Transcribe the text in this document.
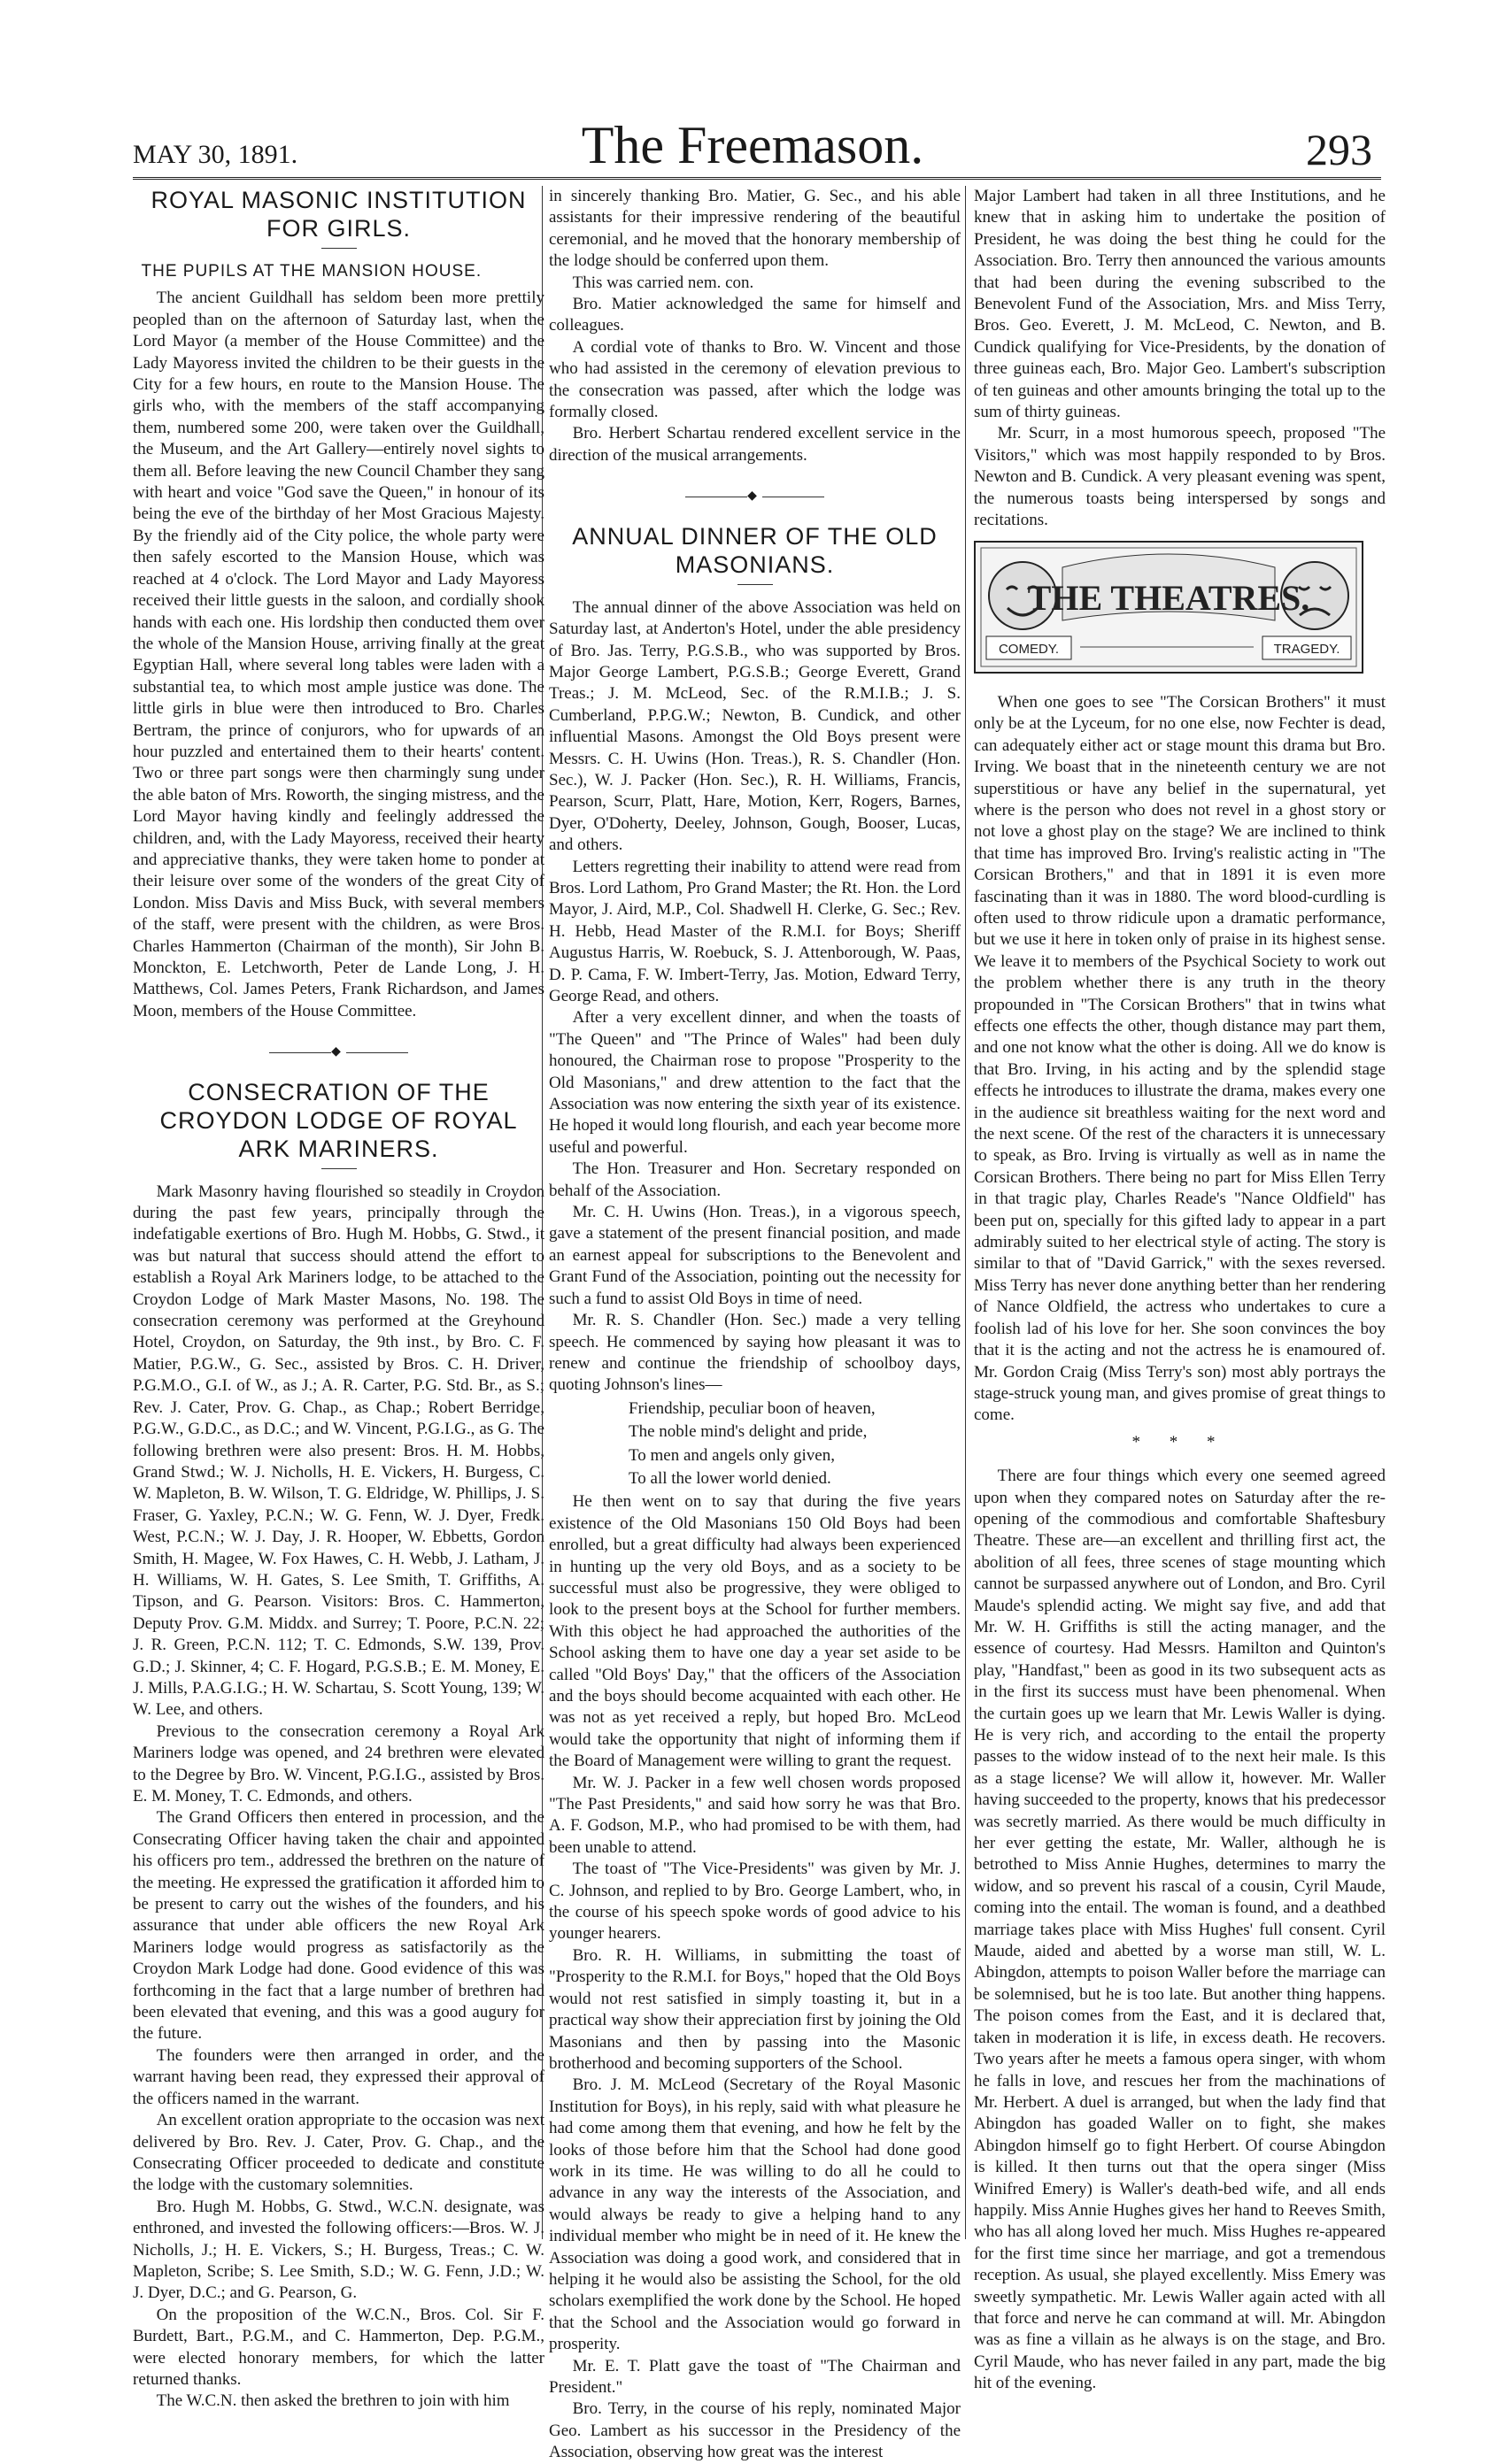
MAY 30, 1891.	The Freemason.	293

ROYAL MASONIC INSTITUTION FOR GIRLS.

THE PUPILS AT THE MANSION HOUSE.

The ancient Guildhall has seldom been more prettily peopled than on the afternoon of Saturday last, when the Lord Mayor (a member of the House Committee) and the Lady Mayoress invited the children to be their guests in the City for a few hours, en route to the Mansion House. The girls who, with the members of the staff accompanying them, numbered some 200, were taken over the Guildhall, the Museum, and the Art Gallery—entirely novel sights to them all. Before leaving the new Council Chamber they sang with heart and voice "God save the Queen," in honour of its being the eve of the birthday of her Most Gracious Majesty. By the friendly aid of the City police, the whole party were then safely escorted to the Mansion House, which was reached at 4 o'clock. The Lord Mayor and Lady Mayoress received their little guests in the saloon, and cordially shook hands with each one. His lordship then conducted them over the whole of the Mansion House, arriving finally at the great Egyptian Hall, where several long tables were laden with a substantial tea, to which most ample justice was done. The little girls in blue were then introduced to Bro. Charles Bertram, the prince of conjurors, who for upwards of an hour puzzled and entertained them to their hearts' content. Two or three part songs were then charmingly sung under the able baton of Mrs. Roworth, the singing mistress, and the Lord Mayor having kindly and feelingly addressed the children, and, with the Lady Mayoress, received their hearty and appreciative thanks, they were taken home to ponder at their leisure over some of the wonders of the great City of London. Miss Davis and Miss Buck, with several members of the staff, were present with the children, as were Bros. Charles Hammerton (Chairman of the month), Sir John B. Monckton, E. Letchworth, Peter de Lande Long, J. H. Matthews, Col. James Peters, Frank Richardson, and James Moon, members of the House Committee.

◆

CONSECRATION OF THE CROYDON LODGE OF ROYAL ARK MARINERS.

Mark Masonry having flourished so steadily in Croydon during the past few years, principally through the indefatigable exertions of Bro. Hugh M. Hobbs, G. Stwd., it was but natural that success should attend the effort to establish a Royal Ark Mariners lodge, to be attached to the Croydon Lodge of Mark Master Masons, No. 198. The consecration ceremony was performed at the Greyhound Hotel, Croydon, on Saturday, the 9th inst., by Bro. C. F. Matier, P.G.W., G. Sec., assisted by Bros. C. H. Driver, P.G.M.O., G.I. of W., as J.; A. R. Carter, P.G. Std. Br., as S.; Rev. J. Cater, Prov. G. Chap., as Chap.; Robert Berridge, P.G.W., G.D.C., as D.C.; and W. Vincent, P.G.I.G., as G. The following brethren were also present: Bros. H. M. Hobbs, Grand Stwd.; W. J. Nicholls, H. E. Vickers, H. Burgess, C. W. Mapleton, B. W. Wilson, T. G. Eldridge, W. Phillips, J. S. Fraser, G. Yaxley, P.C.N.; W. G. Fenn, W. J. Dyer, Fredk. West, P.C.N.; W. J. Day, J. R. Hooper, W. Ebbetts, Gordon Smith, H. Magee, W. Fox Hawes, C. H. Webb, J. Latham, J. H. Williams, W. H. Gates, S. Lee Smith, T. Griffiths, A. Tipson, and G. Pearson. Visitors: Bros. C. Hammerton, Deputy Prov. G.M. Middx. and Surrey; T. Poore, P.C.N. 22; J. R. Green, P.C.N. 112; T. C. Edmonds, S.W. 139, Prov. G.D.; J. Skinner, 4; C. F. Hogard, P.G.S.B.; E. M. Money, E. J. Mills, P.A.G.I.G.; H. W. Schartau, S. Scott Young, 139; W. W. Lee, and others.

Previous to the consecration ceremony a Royal Ark Mariners lodge was opened, and 24 brethren were elevated to the Degree by Bro. W. Vincent, P.G.I.G., assisted by Bros. E. M. Money, T. C. Edmonds, and others.

The Grand Officers then entered in procession, and the Consecrating Officer having taken the chair and appointed his officers pro tem., addressed the brethren on the nature of the meeting. He expressed the gratification it afforded him to be present to carry out the wishes of the founders, and his assurance that under able officers the new Royal Ark Mariners lodge would progress as satisfactorily as the Croydon Mark Lodge had done. Good evidence of this was forthcoming in the fact that a large number of brethren had been elevated that evening, and this was a good augury for the future.

The founders were then arranged in order, and the warrant having been read, they expressed their approval of the officers named in the warrant.

An excellent oration appropriate to the occasion was next delivered by Bro. Rev. J. Cater, Prov. G. Chap., and the Consecrating Officer proceeded to dedicate and constitute the lodge with the customary solemnities.

Bro. Hugh M. Hobbs, G. Stwd., W.C.N. designate, was enthroned, and invested the following officers:—Bros. W. J. Nicholls, J.; H. E. Vickers, S.; H. Burgess, Treas.; C. W. Mapleton, Scribe; S. Lee Smith, S.D.; W. G. Fenn, J.D.; W. J. Dyer, D.C.; and G. Pearson, G.

On the proposition of the W.C.N., Bros. Col. Sir F. Burdett, Bart., P.G.M., and C. Hammerton, Dep. P.G.M., were elected honorary members, for which the latter returned thanks.

The W.C.N. then asked the brethren to join with him

in sincerely thanking Bro. Matier, G. Sec., and his able assistants for their impressive rendering of the beautiful ceremonial, and he moved that the honorary membership of the lodge should be conferred upon them.

This was carried nem. con.

Bro. Matier acknowledged the same for himself and colleagues.

A cordial vote of thanks to Bro. W. Vincent and those who had assisted in the ceremony of elevation previous to the consecration was passed, after which the lodge was formally closed.

Bro. Herbert Schartau rendered excellent service in the direction of the musical arrangements.

◆

ANNUAL DINNER OF THE OLD MASONIANS.

The annual dinner of the above Association was held on Saturday last, at Anderton's Hotel, under the able presidency of Bro. Jas. Terry, P.G.S.B., who was supported by Bros. Major George Lambert, P.G.S.B.; George Everett, Grand Treas.; J. M. McLeod, Sec. of the R.M.I.B.; J. S. Cumberland, P.P.G.W.; Newton, B. Cundick, and other influential Masons. Amongst the Old Boys present were Messrs. C. H. Uwins (Hon. Treas.), R. S. Chandler (Hon. Sec.), W. J. Packer (Hon. Sec.), R. H. Williams, Francis, Pearson, Scurr, Platt, Hare, Motion, Kerr, Rogers, Barnes, Dyer, O'Doherty, Deeley, Johnson, Gough, Booser, Lucas, and others.

Letters regretting their inability to attend were read from Bros. Lord Lathom, Pro Grand Master; the Rt. Hon. the Lord Mayor, J. Aird, M.P., Col. Shadwell H. Clerke, G. Sec.; Rev. H. Hebb, Head Master of the R.M.I. for Boys; Sheriff Augustus Harris, W. Roebuck, S. J. Attenborough, W. Paas, D. P. Cama, F. W. Imbert-Terry, Jas. Motion, Edward Terry, George Read, and others.

After a very excellent dinner, and when the toasts of "The Queen" and "The Prince of Wales" had been duly honoured, the Chairman rose to propose "Prosperity to the Old Masonians," and drew attention to the fact that the Association was now entering the sixth year of its existence. He hoped it would long flourish, and each year become more useful and powerful.

The Hon. Treasurer and Hon. Secretary responded on behalf of the Association.

Mr. C. H. Uwins (Hon. Treas.), in a vigorous speech, gave a statement of the present financial position, and made an earnest appeal for subscriptions to the Benevolent and Grant Fund of the Association, pointing out the necessity for such a fund to assist Old Boys in time of need.

Mr. R. S. Chandler (Hon. Sec.) made a very telling speech. He commenced by saying how pleasant it was to renew and continue the friendship of schoolboy days, quoting Johnson's lines—

Friendship, peculiar boon of heaven,

The noble mind's delight and pride,

To men and angels only given,

To all the lower world denied.

He then went on to say that during the five years existence of the Old Masonians 150 Old Boys had been enrolled, but a great difficulty had always been experienced in hunting up the very old Boys, and as a society to be successful must also be progressive, they were obliged to look to the present boys at the School for further members. With this object he had approached the authorities of the School asking them to have one day a year set aside to be called "Old Boys' Day," that the officers of the Association and the boys should become acquainted with each other. He was not as yet received a reply, but hoped Bro. McLeod would take the opportunity that night of informing them if the Board of Management were willing to grant the request.

Mr. W. J. Packer in a few well chosen words proposed "The Past Presidents," and said how sorry he was that Bro. A. F. Godson, M.P., who had promised to be with them, had been unable to attend.

The toast of "The Vice-Presidents" was given by Mr. J. C. Johnson, and replied to by Bro. George Lambert, who, in the course of his speech spoke words of good advice to his younger hearers.

Bro. R. H. Williams, in submitting the toast of "Prosperity to the R.M.I. for Boys," hoped that the Old Boys would not rest satisfied in simply toasting it, but in a practical way show their appreciation first by joining the Old Masonians and then by passing into the Masonic brotherhood and becoming supporters of the School.

Bro. J. M. McLeod (Secretary of the Royal Masonic Institution for Boys), in his reply, said with what pleasure he had come among them that evening, and how he felt by the looks of those before him that the School had done good work in its time. He was willing to do all he could to advance in any way the interests of the Association, and would always be ready to give a helping hand to any individual member who might be in need of it. He knew the Association was doing a good work, and considered that in helping it he would also be assisting the School, for the old scholars exemplified the work done by the School. He hoped that the School and the Association would go forward in prosperity.

Mr. E. T. Platt gave the toast of "The Chairman and President."

Bro. Terry, in the course of his reply, nominated Major Geo. Lambert as his successor in the Presidency of the Association, observing how great was the interest

Major Lambert had taken in all three Institutions, and he knew that in asking him to undertake the position of President, he was doing the best thing he could for the Association. Bro. Terry then announced the various amounts that had been during the evening subscribed to the Benevolent Fund of the Association, Mrs. and Miss Terry, Bros. Geo. Everett, J. M. McLeod, C. Newton, and B. Cundick qualifying for Vice-Presidents, by the donation of three guineas each, Bro. Major Geo. Lambert's subscription of ten guineas and other amounts bringing the total up to the sum of thirty guineas.

Mr. Scurr, in a most humorous speech, proposed "The Visitors," which was most happily responded to by Bros. Newton and B. Cundick. A very pleasant evening was spent, the numerous toasts being interspersed by songs and recitations.

THE THEATRES.
COMEDY.	TRAGEDY.

When one goes to see "The Corsican Brothers" it must only be at the Lyceum, for no one else, now Fechter is dead, can adequately either act or stage mount this drama but Bro. Irving. We boast that in the nineteenth century we are not superstitious or have any belief in the supernatural, yet where is the person who does not revel in a ghost story or not love a ghost play on the stage? We are inclined to think that time has improved Bro. Irving's realistic acting in "The Corsican Brothers," and that in 1891 it is even more fascinating than it was in 1880. The word blood-curdling is often used to throw ridicule upon a dramatic performance, but we use it here in token only of praise in its highest sense. We leave it to members of the Psychical Society to work out the problem whether there is any truth in the theory propounded in "The Corsican Brothers" that in twins what effects one effects the other, though distance may part them, and one not know what the other is doing. All we do know is that Bro. Irving, in his acting and by the splendid stage effects he introduces to illustrate the drama, makes every one in the audience sit breathless waiting for the next word and the next scene. Of the rest of the characters it is unnecessary to speak, as Bro. Irving is virtually as well as in name the Corsican Brothers. There being no part for Miss Ellen Terry in that tragic play, Charles Reade's "Nance Oldfield" has been put on, specially for this gifted lady to appear in a part admirably suited to her electrical style of acting. The story is similar to that of "David Garrick," with the sexes reversed. Miss Terry has never done anything better than her rendering of Nance Oldfield, the actress who undertakes to cure a foolish lad of his love for her. She soon convinces the boy that it is the acting and not the actress he is enamoured of. Mr. Gordon Craig (Miss Terry's son) most ably portrays the stage-struck young man, and gives promise of great things to come.

* * *

There are four things which every one seemed agreed upon when they compared notes on Saturday after the re-opening of the commodious and comfortable Shaftesbury Theatre. These are—an excellent and thrilling first act, the abolition of all fees, three scenes of stage mounting which cannot be surpassed anywhere out of London, and Bro. Cyril Maude's splendid acting. We might say five, and add that Mr. W. H. Griffiths is still the acting manager, and the essence of courtesy. Had Messrs. Hamilton and Quinton's play, "Handfast," been as good in its two subsequent acts as in the first its success must have been phenomenal. When the curtain goes up we learn that Mr. Lewis Waller is dying. He is very rich, and according to the entail the property passes to the widow instead of to the next heir male. Is this as a stage license? We will allow it, however. Mr. Waller having succeeded to the property, knows that his predecessor was secretly married. As there would be much difficulty in her ever getting the estate, Mr. Waller, although he is betrothed to Miss Annie Hughes, determines to marry the widow, and so prevent his rascal of a cousin, Cyril Maude, coming into the entail. The woman is found, and a deathbed marriage takes place with Miss Hughes' full consent. Cyril Maude, aided and abetted by a worse man still, W. L. Abingdon, attempts to poison Waller before the marriage can be solemnised, but he is too late. But another thing happens. The poison comes from the East, and it is declared that, taken in moderation it is life, in excess death. He recovers. Two years after he meets a famous opera singer, with whom he falls in love, and rescues her from the machinations of Mr. Herbert. A duel is arranged, but when the lady find that Abingdon has goaded Waller on to fight, she makes Abingdon himself go to fight Herbert. Of course Abingdon is killed. It then turns out that the opera singer (Miss Winifred Emery) is Waller's death-bed wife, and all ends happily. Miss Annie Hughes gives her hand to Reeves Smith, who has all along loved her much. Miss Hughes re-appeared for the first time since her marriage, and got a tremendous reception. As usual, she played excellently. Miss Emery was sweetly sympathetic. Mr. Lewis Waller again acted with all that force and nerve he can command at will. Mr. Abingdon was as fine a villain as he always is on the stage, and Bro. Cyril Maude, who has never failed in any part, made the big hit of the evening.
